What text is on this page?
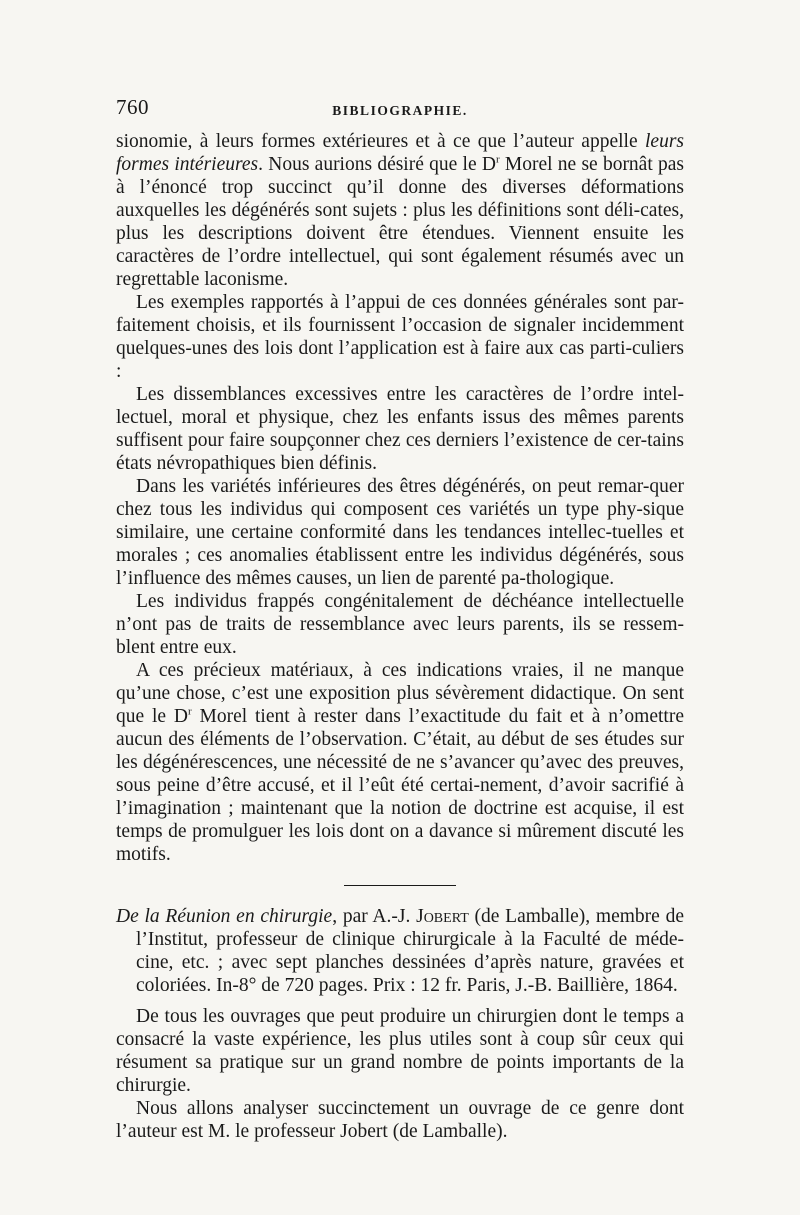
760	BIBLIOGRAPHIE.

sionomie, à leurs formes extérieures et à ce que l’auteur appelle leurs formes intérieures. Nous aurions désiré que le $D^r$ Morel ne se bornât pas à l’énoncé trop succinct qu’il donne des diverses déformations auxquelles les dégénérés sont sujets : plus les définitions sont déli-cates, plus les descriptions doivent être étendues. Viennent ensuite les caractères de l’ordre intellectuel, qui sont également résumés avec un regrettable laconisme.

Les exemples rapportés à l’appui de ces données générales sont par-faitement choisis, et ils fournissent l’occasion de signaler incidemment quelques-unes des lois dont l’application est à faire aux cas parti-culiers :

Les dissemblances excessives entre les caractères de l’ordre intel-lectuel, moral et physique, chez les enfants issus des mêmes parents suffisent pour faire soupçonner chez ces derniers l’existence de cer-tains états névropathiques bien définis.

Dans les variétés inférieures des êtres dégénérés, on peut remar-quer chez tous les individus qui composent ces variétés un type phy-sique similaire, une certaine conformité dans les tendances intellec-tuelles et morales ; ces anomalies établissent entre les individus dégénérés, sous l’influence des mêmes causes, un lien de parenté pa-thologique.

Les individus frappés congénitalement de déchéance intellectuelle n’ont pas de traits de ressemblance avec leurs parents, ils se ressem-blent entre eux.

A ces précieux matériaux, à ces indications vraies, il ne manque qu’une chose, c’est une exposition plus sévèrement didactique. On sent que le $D^r$ Morel tient à rester dans l’exactitude du fait et à n’omettre aucun des éléments de l’observation. C’était, au début de ses études sur les dégénérescences, une nécessité de ne s’avancer qu’avec des preuves, sous peine d’être accusé, et il l’eût été certai-nement, d’avoir sacrifié à l’imagination ; maintenant que la notion de doctrine est acquise, il est temps de promulguer les lois dont on a davance si mûrement discuté les motifs.

De la Réunion en chirurgie, par A.-J. Jobert (de Lamballe), membre de l’Institut, professeur de clinique chirurgicale à la Faculté de méde-cine, etc. ; avec sept planches dessinées d’après nature, gravées et coloriées. In-8° de 720 pages. Prix : 12 fr. Paris, J.-B. Baillière, 1864.

De tous les ouvrages que peut produire un chirurgien dont le temps a consacré la vaste expérience, les plus utiles sont à coup sûr ceux qui résument sa pratique sur un grand nombre de points importants de la chirurgie.

Nous allons analyser succinctement un ouvrage de ce genre dont l’auteur est M. le professeur Jobert (de Lamballe).
